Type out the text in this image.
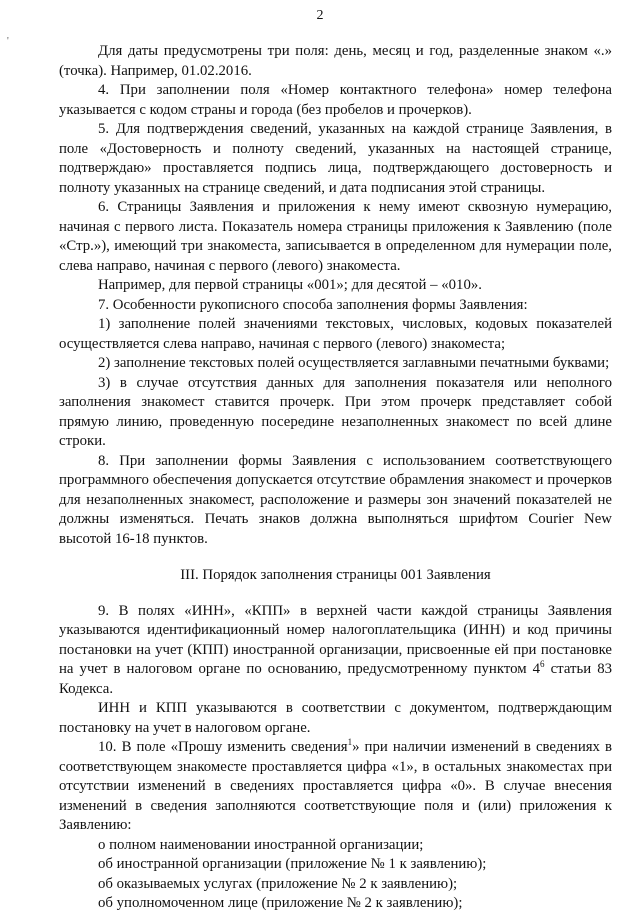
2
'

Для даты предусмотрены три поля: день, месяц и год, разделенные знаком «.» (точка). Например, 01.02.2016.

4. При заполнении поля «Номер контактного телефона» номер телефона указывается с кодом страны и города (без пробелов и прочерков).

5. Для подтверждения сведений, указанных на каждой странице Заявления, в поле «Достоверность и полноту сведений, указанных на настоящей странице, подтверждаю» проставляется подпись лица, подтверждающего достоверность и полноту указанных на странице сведений, и дата подписания этой страницы.

6. Страницы Заявления и приложения к нему имеют сквозную нумерацию, начиная с первого листа. Показатель номера страницы приложения к Заявлению (поле «Стр.»), имеющий три знакоместа, записывается в определенном для нумерации поле, слева направо, начиная с первого (левого) знакоместа.

Например, для первой страницы «001»; для десятой – «010».

7. Особенности рукописного способа заполнения формы Заявления:

1) заполнение полей значениями текстовых, числовых, кодовых показателей осуществляется слева направо, начиная с первого (левого) знакоместа;

2) заполнение текстовых полей осуществляется заглавными печатными буквами;

3) в случае отсутствия данных для заполнения показателя или неполного заполнения знакомест ставится прочерк. При этом прочерк представляет собой прямую линию, проведенную посередине незаполненных знакомест по всей длине строки.

8. При заполнении формы Заявления с использованием соответствующего программного обеспечения допускается отсутствие обрамления знакомест и прочерков для незаполненных знакомест, расположение и размеры зон значений показателей не должны изменяться. Печать знаков должна выполняться шрифтом Courier New высотой 16-18 пунктов.

III. Порядок заполнения страницы 001 Заявления

9. В полях «ИНН», «КПП» в верхней части каждой страницы Заявления указываются идентификационный номер налогоплательщика (ИНН) и код причины постановки на учет (КПП) иностранной организации, присвоенные ей при постановке на учет в налоговом органе по основанию, предусмотренному пунктом $4^6$ статьи 83 Кодекса.

ИНН и КПП указываются в соответствии с документом, подтверждающим постановку на учет в налоговом органе.

10. В поле «Прошу изменить сведения$^1$» при наличии изменений в сведениях в соответствующем знакоместе проставляется цифра «1», в остальных знакоместах при отсутствии изменений в сведениях проставляется цифра «0». В случае внесения изменений в сведения заполняются соответствующие поля и (или) приложения к Заявлению:

о полном наименовании иностранной организации;

об иностранной организации (приложение № 1 к заявлению);

об оказываемых услугах (приложение № 2 к заявлению);

об уполномоченном лице (приложение № 2 к заявлению);
